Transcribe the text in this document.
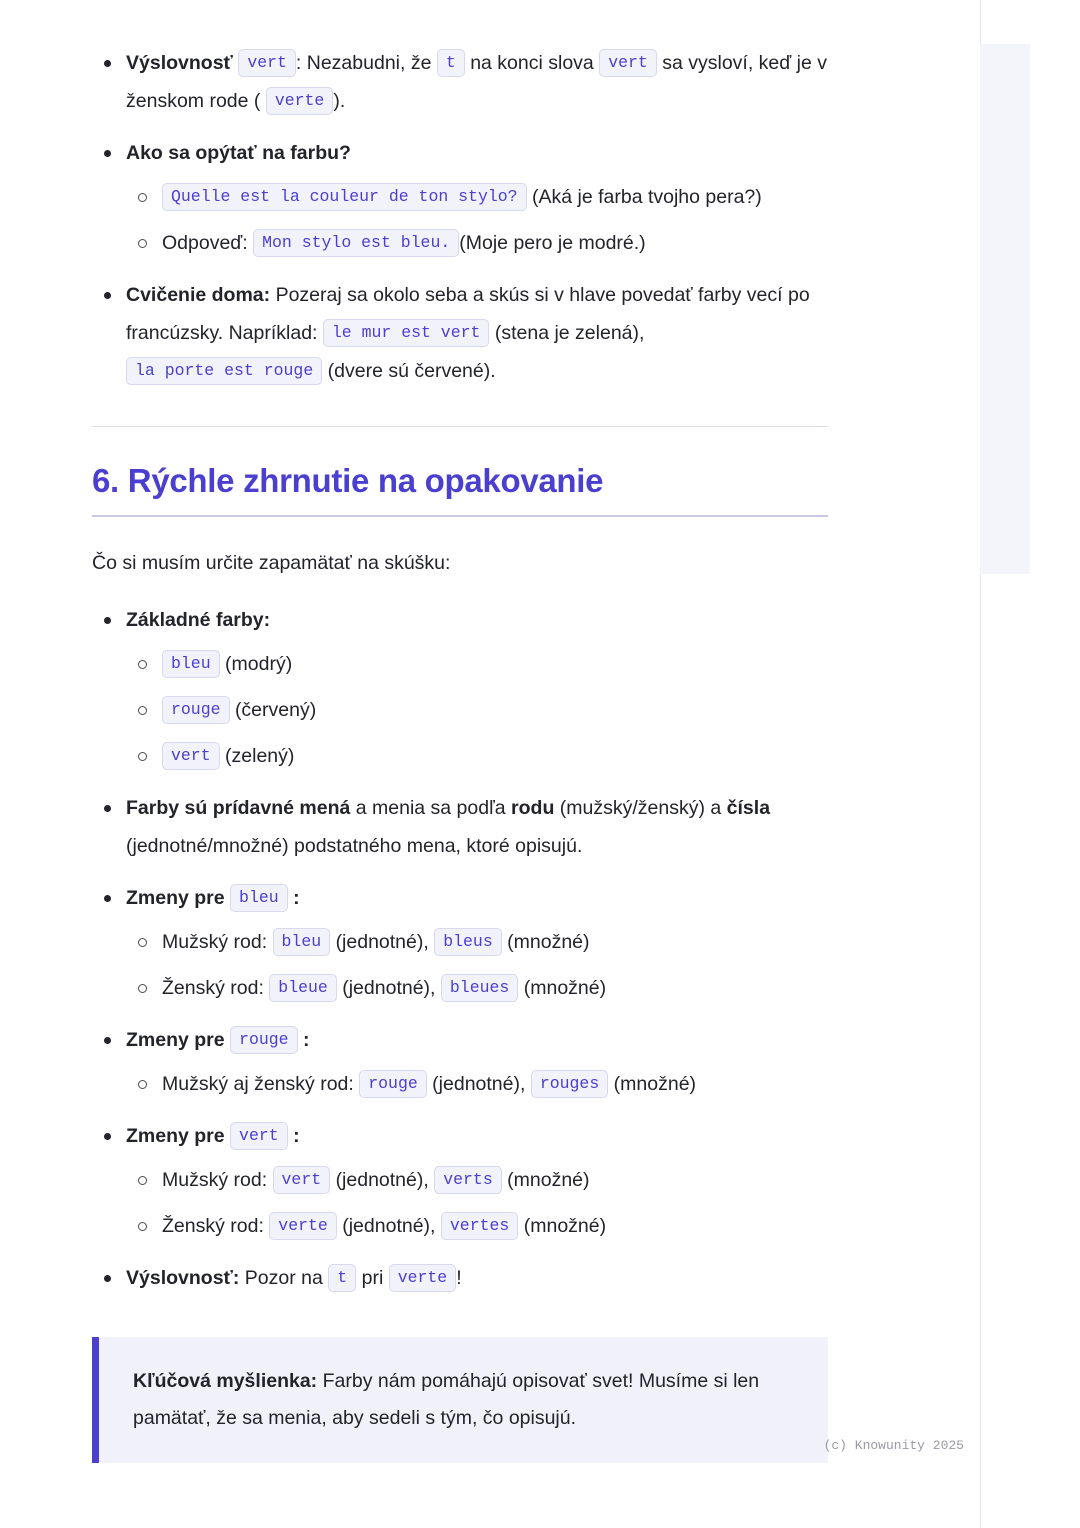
Výslovnosť vert : Nezabudni, že t na konci slova vert sa vysloví, keď je v ženskom rode ( verte ).
Ako sa opýtať na farbu?
Quelle est la couleur de ton stylo? (Aká je farba tvojho pera?)
Odpoveď: Mon stylo est bleu. (Moje pero je modré.)
Cvičenie doma: Pozeraj sa okolo seba a skús si v hlave povedať farby vecí po francúzsky. Napríklad: le mur est vert (stena je zelená), la porte est rouge (dvere sú červené).
6. Rýchle zhrnutie na opakovanie

Čo si musím určite zapamätať na skúšku:

Základné farby:
bleu (modrý)
rouge (červený)
vert (zelený)
Farby sú prídavné mená a menia sa podľa rodu (mužský/ženský) a čísla (jednotné/množné) podstatného mena, ktoré opisujú.
Zmeny pre bleu :
Mužský rod: bleu (jednotné), bleus (množné)
Ženský rod: bleue (jednotné), bleues (množné)
Zmeny pre rouge :
Mužský aj ženský rod: rouge (jednotné), rouges (množné)
Zmeny pre vert :
Mužský rod: vert (jednotné), verts (množné)
Ženský rod: verte (jednotné), vertes (množné)
Výslovnosť: Pozor na t pri verte !
Kľúčová myšlienka: Farby nám pomáhajú opisovať svet! Musíme si len pamätať, že sa menia, aby sedeli s tým, čo opisujú.
(c) Knowunity 2025
